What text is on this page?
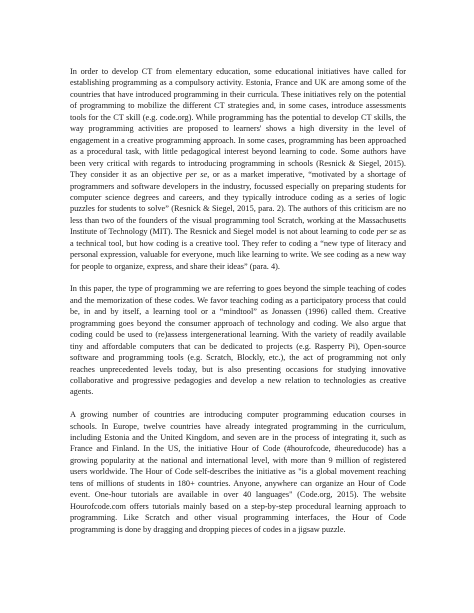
In order to develop CT from elementary education, some educational initiatives have called for establishing programming as a compulsory activity. Estonia, France and UK are among some of the countries that have introduced programming in their curricula. These initiatives rely on the potential of programming to mobilize the different CT strategies and, in some cases, introduce assessments tools for the CT skill (e.g. code.org). While programming has the potential to develop CT skills, the way programming activities are proposed to learners' shows a high diversity in the level of engagement in a creative programming approach. In some cases, programming has been approached as a procedural task, with little pedagogical interest beyond learning to code. Some authors have been very critical with regards to introducing programming in schools (Resnick & Siegel, 2015). They consider it as an objective per se, or as a market imperative, “motivated by a shortage of programmers and software developers in the industry, focussed especially on preparing students for computer science degrees and careers, and they typically introduce coding as a series of logic puzzles for students to solve” (Resnick & Siegel, 2015, para. 2). The authors of this criticism are no less than two of the founders of the visual programming tool Scratch, working at the Massachusetts Institute of Technology (MIT). The Resnick and Siegel model is not about learning to code per se as a technical tool, but how coding is a creative tool. They refer to coding a “new type of literacy and personal expression, valuable for everyone, much like learning to write. We see coding as a new way for people to organize, express, and share their ideas” (para. 4).

In this paper, the type of programming we are referring to goes beyond the simple teaching of codes and the memorization of these codes. We favor teaching coding as a participatory process that could be, in and by itself, a learning tool or a “mindtool” as Jonassen (1996) called them. Creative programming goes beyond the consumer approach of technology and coding. We also argue that coding could be used to (re)assess intergenerational learning. With the variety of readily available tiny and affordable computers that can be dedicated to projects (e.g. Rasperry Pi), Open-source software and programming tools (e.g. Scratch, Blockly, etc.), the act of programming not only reaches unprecedented levels today, but is also presenting occasions for studying innovative collaborative and progressive pedagogies and develop a new relation to technologies as creative agents.

A growing number of countries are introducing computer programming education courses in schools. In Europe, twelve countries have already integrated programming in the curriculum, including Estonia and the United Kingdom, and seven are in the process of integrating it, such as France and Finland. In the US, the initiative Hour of Code (#hourofcode, #heureducode) has a growing popularity at the national and international level, with more than 9 million of registered users worldwide. The Hour of Code self-describes the initiative as "is a global movement reaching tens of millions of students in 180+ countries. Anyone, anywhere can organize an Hour of Code event. One-hour tutorials are available in over 40 languages" (Code.org, 2015). The website Hourofcode.com offers tutorials mainly based on a step-by-step procedural learning approach to programming. Like Scratch and other visual programming interfaces, the Hour of Code programming is done by dragging and dropping pieces of codes in a jigsaw puzzle.
